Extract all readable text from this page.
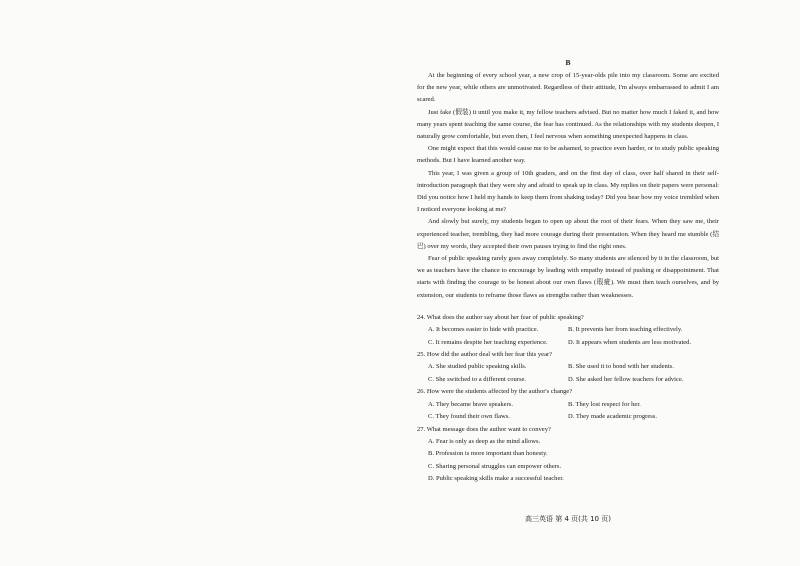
B

At the beginning of every school year, a new crop of 15-year-olds pile into my classroom. Some are excited for the new year, while others are unmotivated. Regardless of their attitude, I'm always embarrassed to admit I am scared.

Just fake (假装) it until you make it, my fellow teachers advised. But no matter how much I faked it, and how many years spent teaching the same course, the fear has continued. As the relationships with my students deepen, I naturally grow comfortable, but even then, I feel nervous when something unexpected happens in class.

One might expect that this would cause me to be ashamed, to practice even harder, or to study public speaking methods. But I have learned another way.

This year, I was given a group of 10th graders, and on the first day of class, over half shared in their self-introduction paragraph that they were shy and afraid to speak up in class. My replies on their papers were personal: Did you notice how I held my hands to keep them from shaking today? Did you hear how my voice trembled when I noticed everyone looking at me?

And slowly but surely, my students began to open up about the root of their fears. When they saw me, their experienced teacher, trembling, they had more courage during their presentation. When they heard me stumble (结巴) over my words, they accepted their own pauses trying to find the right ones.

Fear of public speaking rarely goes away completely. So many students are silenced by it in the classroom, but we as teachers have the chance to encourage by leading with empathy instead of pushing or disappointment. That starts with finding the courage to be honest about our own flaws (瑕疵). We must then teach ourselves, and by extension, our students to reframe those flaws as strengths rather than weaknesses.

24. What does the author say about her fear of public speaking?

A. It becomes easier to hide with practice.	B. It prevents her from teaching effectively.
C. It remains despite her teaching experience.	D. It appears when students are less motivated.

25. How did the author deal with her fear this year?

A. She studied public speaking skills.	B. She used it to bond with her students.
C. She switched to a different course.	D. She asked her fellow teachers for advice.

26. How were the students affected by the author's change?

A. They became brave speakers.	B. They lost respect for her.
C. They found their own flaws.	D. They made academic progress.

27. What message does the author want to convey?

A. Fear is only as deep as the mind allows.
B. Profession is more important than honesty.
C. Sharing personal struggles can empower others.
D. Public speaking skills make a successful teacher.
高三英语 第 4 页(共 10 页)
